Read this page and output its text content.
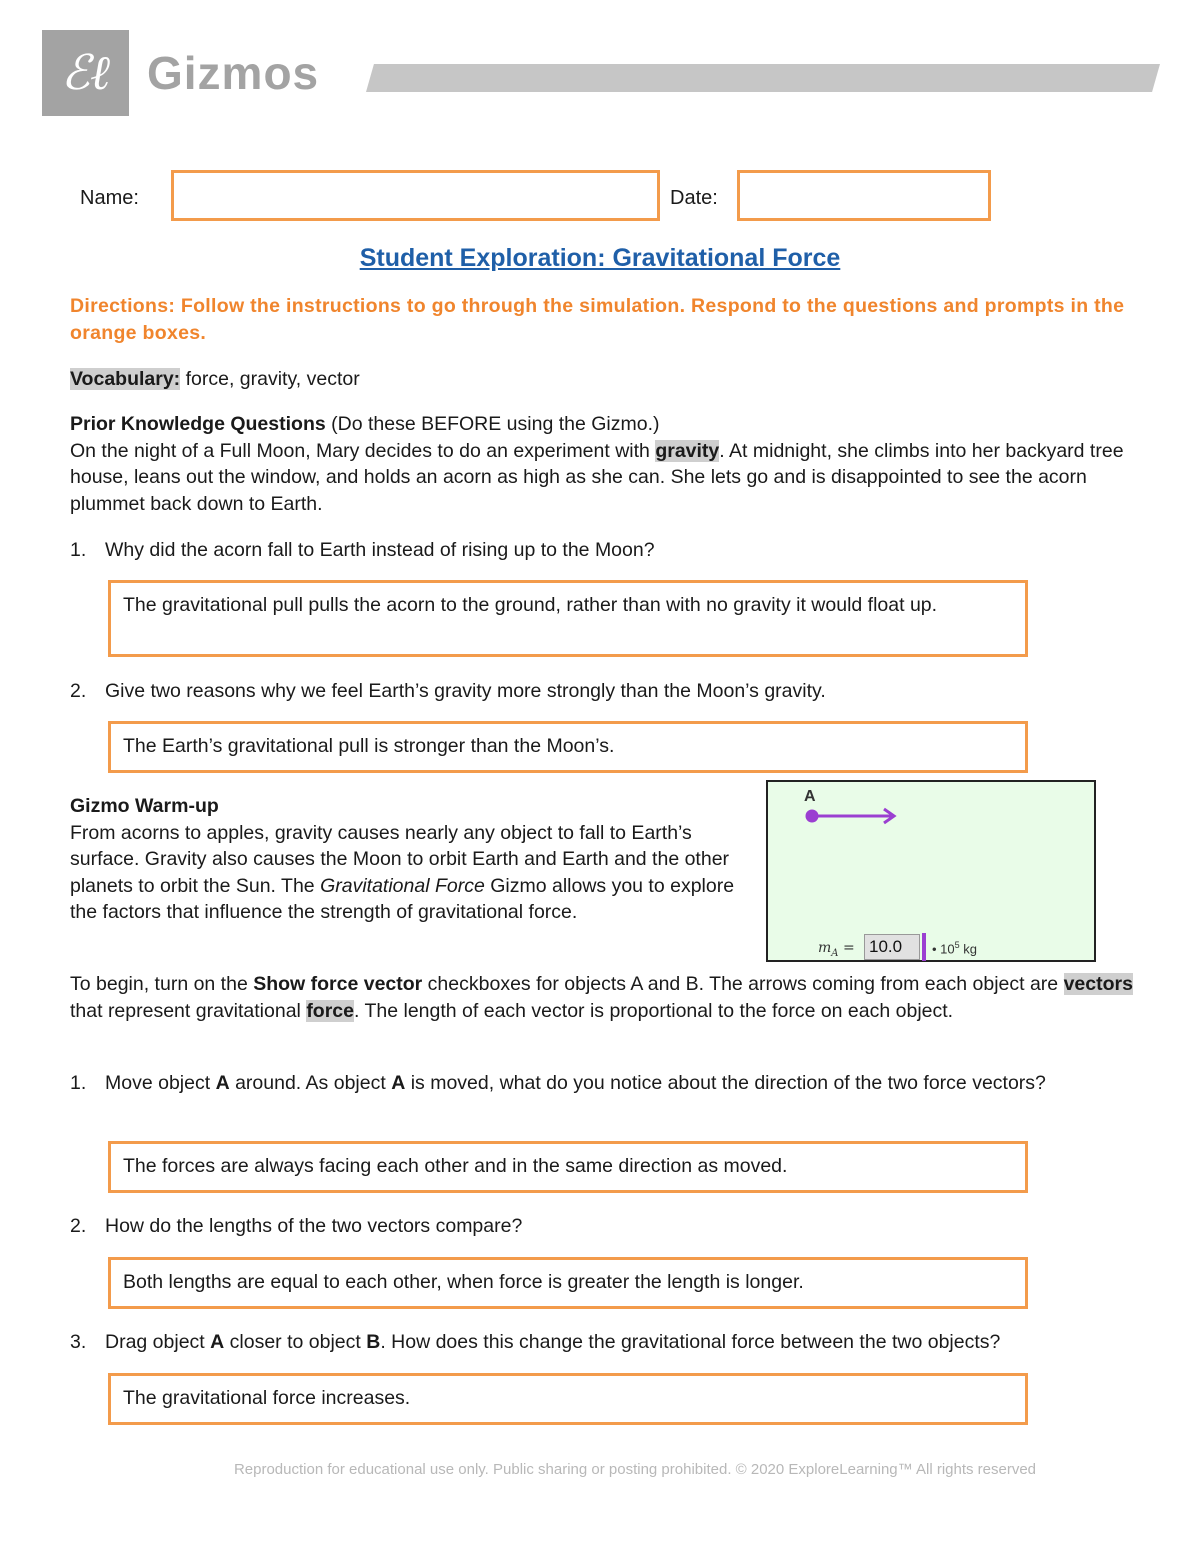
ℰℓ Gizmos
Name:	Date:
Student Exploration: Gravitational Force
Directions: Follow the instructions to go through the simulation. Respond to the questions and prompts in the orange boxes.
Vocabulary: force, gravity, vector
Prior Knowledge Questions (Do these BEFORE using the Gizmo.)
On the night of a Full Moon, Mary decides to do an experiment with gravity. At midnight, she climbs into her backyard tree house, leans out the window, and holds an acorn as high as she can. She lets go and is disappointed to see the acorn plummet back down to Earth.
1. Why did the acorn fall to Earth instead of rising up to the Moon?
The gravitational pull pulls the acorn to the ground, rather than with no gravity it would float up.
2. Give two reasons why we feel Earth’s gravity more strongly than the Moon’s gravity.
The Earth’s gravitational pull is stronger than the Moon’s.
Gizmo Warm-up
From acorns to apples, gravity causes nearly any object to fall to Earth’s surface. Gravity also causes the Moon to orbit Earth and Earth and the other planets to orbit the Sun. The Gravitational Force Gizmo allows you to explore the factors that influence the strength of gravitational force.
A
$m_A = 10.0$	• $10^5$ kg
To begin, turn on the Show force vector checkboxes for objects A and B. The arrows coming from each object are vectors that represent gravitational force. The length of each vector is proportional to the force on each object.
1. Move object A around. As object A is moved, what do you notice about the direction of the two force vectors?
The forces are always facing each other and in the same direction as moved.
2. How do the lengths of the two vectors compare?
Both lengths are equal to each other, when force is greater the length is longer.
3. Drag object A closer to object B. How does this change the gravitational force between the two objects?
The gravitational force increases.
Reproduction for educational use only. Public sharing or posting prohibited. © 2020 ExploreLearning™ All rights reserved
